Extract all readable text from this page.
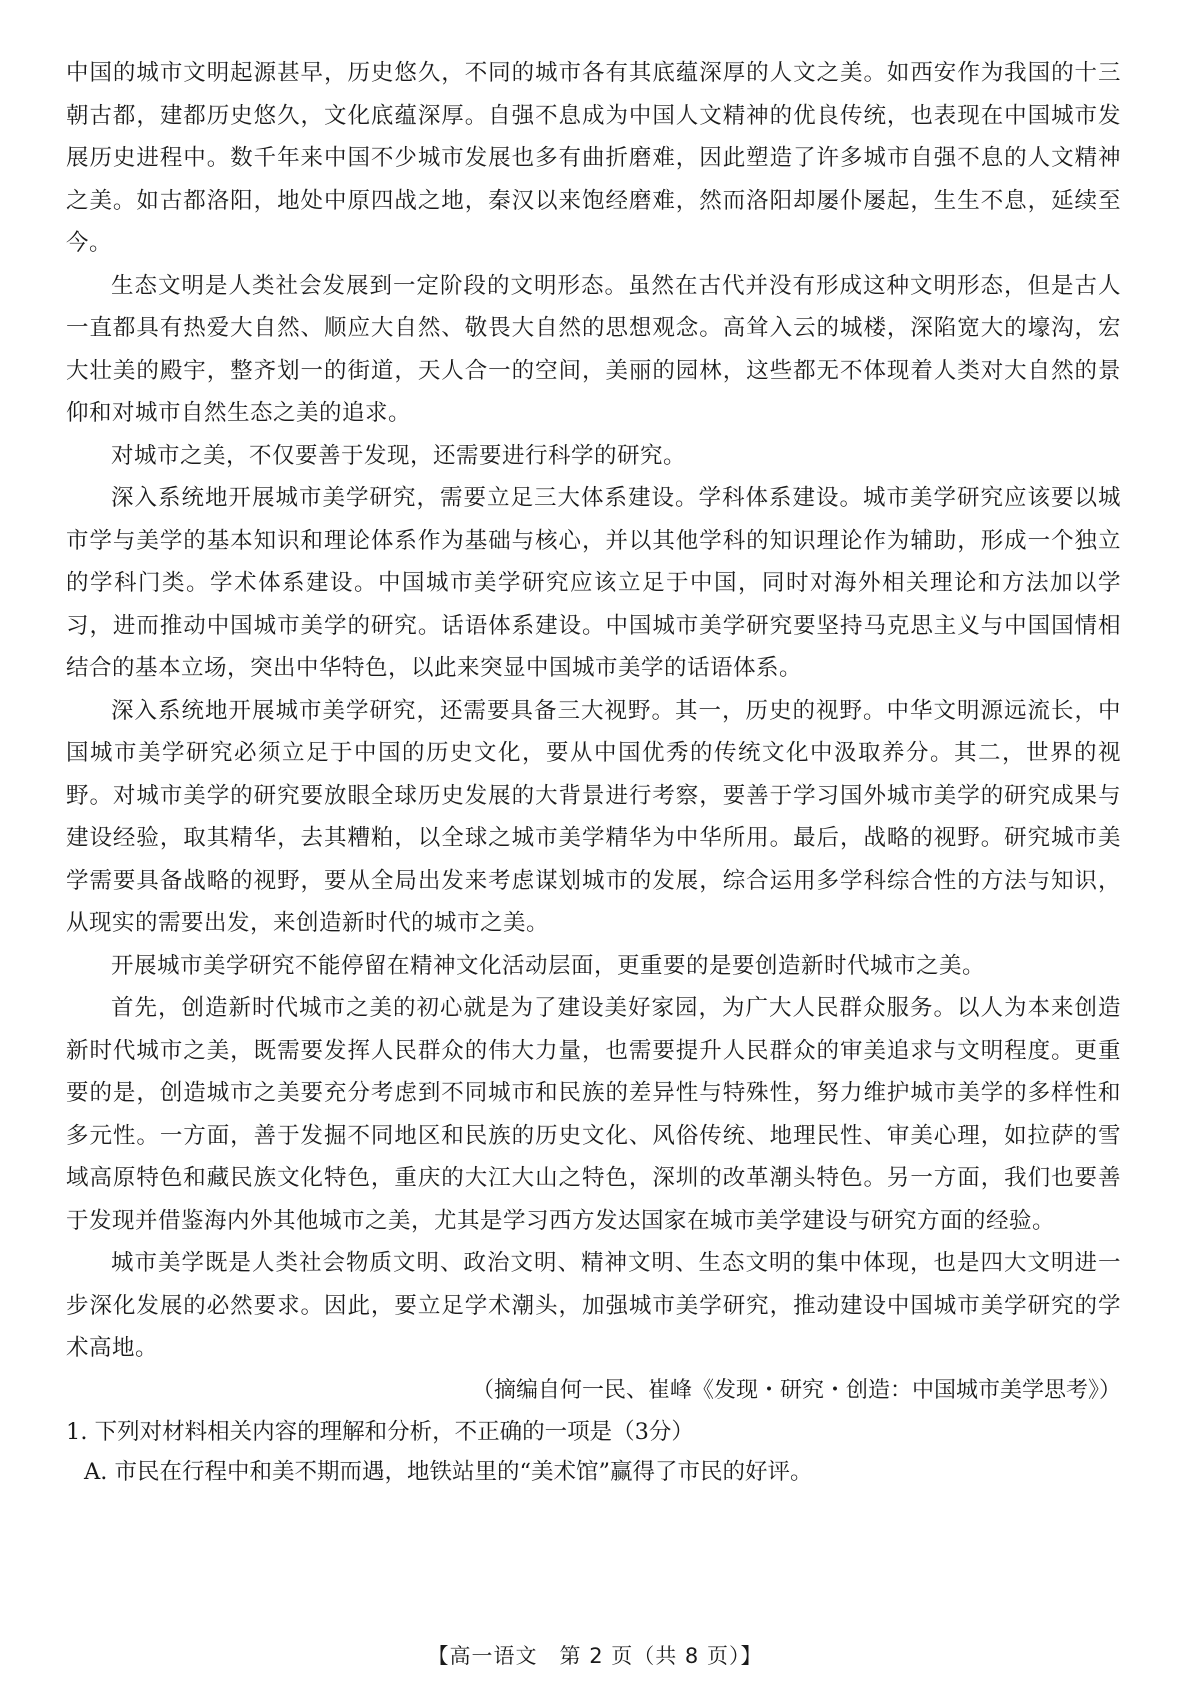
中国的城市文明起源甚早，历史悠久，不同的城市各有其底蕴深厚的人文之美。如西安作为我国的十三朝古都，建都历史悠久，文化底蕴深厚。自强不息成为中国人文精神的优良传统，也表现在中国城市发展历史进程中。数千年来中国不少城市发展也多有曲折磨难，因此塑造了许多城市自强不息的人文精神之美。如古都洛阳，地处中原四战之地，秦汉以来饱经磨难，然而洛阳却屡仆屡起，生生不息，延续至今。

生态文明是人类社会发展到一定阶段的文明形态。虽然在古代并没有形成这种文明形态，但是古人一直都具有热爱大自然、顺应大自然、敬畏大自然的思想观念。高耸入云的城楼，深陷宽大的壕沟，宏大壮美的殿宇，整齐划一的街道，天人合一的空间，美丽的园林，这些都无不体现着人类对大自然的景仰和对城市自然生态之美的追求。

对城市之美，不仅要善于发现，还需要进行科学的研究。

深入系统地开展城市美学研究，需要立足三大体系建设。学科体系建设。城市美学研究应该要以城市学与美学的基本知识和理论体系作为基础与核心，并以其他学科的知识理论作为辅助，形成一个独立的学科门类。学术体系建设。中国城市美学研究应该立足于中国，同时对海外相关理论和方法加以学习，进而推动中国城市美学的研究。话语体系建设。中国城市美学研究要坚持马克思主义与中国国情相结合的基本立场，突出中华特色，以此来突显中国城市美学的话语体系。

深入系统地开展城市美学研究，还需要具备三大视野。其一，历史的视野。中华文明源远流长，中国城市美学研究必须立足于中国的历史文化，要从中国优秀的传统文化中汲取养分。其二，世界的视野。对城市美学的研究要放眼全球历史发展的大背景进行考察，要善于学习国外城市美学的研究成果与建设经验，取其精华，去其糟粕，以全球之城市美学精华为中华所用。最后，战略的视野。研究城市美学需要具备战略的视野，要从全局出发来考虑谋划城市的发展，综合运用多学科综合性的方法与知识，从现实的需要出发，来创造新时代的城市之美。

开展城市美学研究不能停留在精神文化活动层面，更重要的是要创造新时代城市之美。

首先，创造新时代城市之美的初心就是为了建设美好家园，为广大人民群众服务。以人为本来创造新时代城市之美，既需要发挥人民群众的伟大力量，也需要提升人民群众的审美追求与文明程度。更重要的是，创造城市之美要充分考虑到不同城市和民族的差异性与特殊性，努力维护城市美学的多样性和多元性。一方面，善于发掘不同地区和民族的历史文化、风俗传统、地理民性、审美心理，如拉萨的雪域高原特色和藏民族文化特色，重庆的大江大山之特色，深圳的改革潮头特色。另一方面，我们也要善于发现并借鉴海内外其他城市之美，尤其是学习西方发达国家在城市美学建设与研究方面的经验。

城市美学既是人类社会物质文明、政治文明、精神文明、生态文明的集中体现，也是四大文明进一步深化发展的必然要求。因此，要立足学术潮头，加强城市美学研究，推动建设中国城市美学研究的学术高地。

（摘编自何一民、崔峰《发现・研究・创造：中国城市美学思考》）

1. 下列对材料相关内容的理解和分析，不正确的一项是（3分）

A. 市民在行程中和美不期而遇，地铁站里的“美术馆”赢得了市民的好评。

【高一语文　第 2 页（共 8 页）】
